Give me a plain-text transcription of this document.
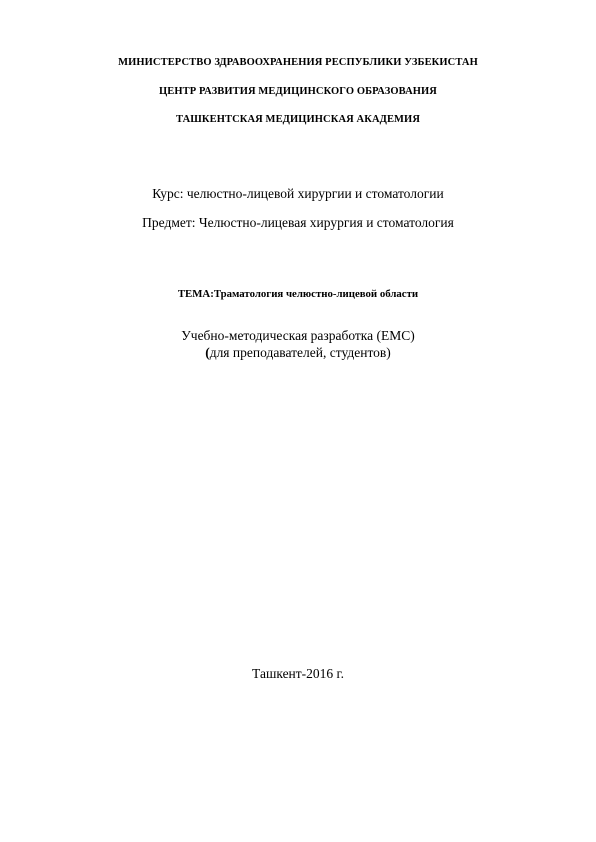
МИНИСТЕРСТВО ЗДРАВООХРАНЕНИЯ РЕСПУБЛИКИ УЗБЕКИСТАН
ЦЕНТР РАЗВИТИЯ МЕДИЦИНСКОГО ОБРАЗОВАНИЯ
ТАШКЕНТСКАЯ МЕДИЦИНСКАЯ АКАДЕМИЯ
Курс: челюстно-лицевой хирургии и стоматологии
Предмет: Челюстно-лицевая хирургия и стоматология
ТЕМА:Траматология челюстно-лицевой области
Учебно-методическая разработка (ЕМС)
(для преподавателей, студентов)
Ташкент-2016 г.
